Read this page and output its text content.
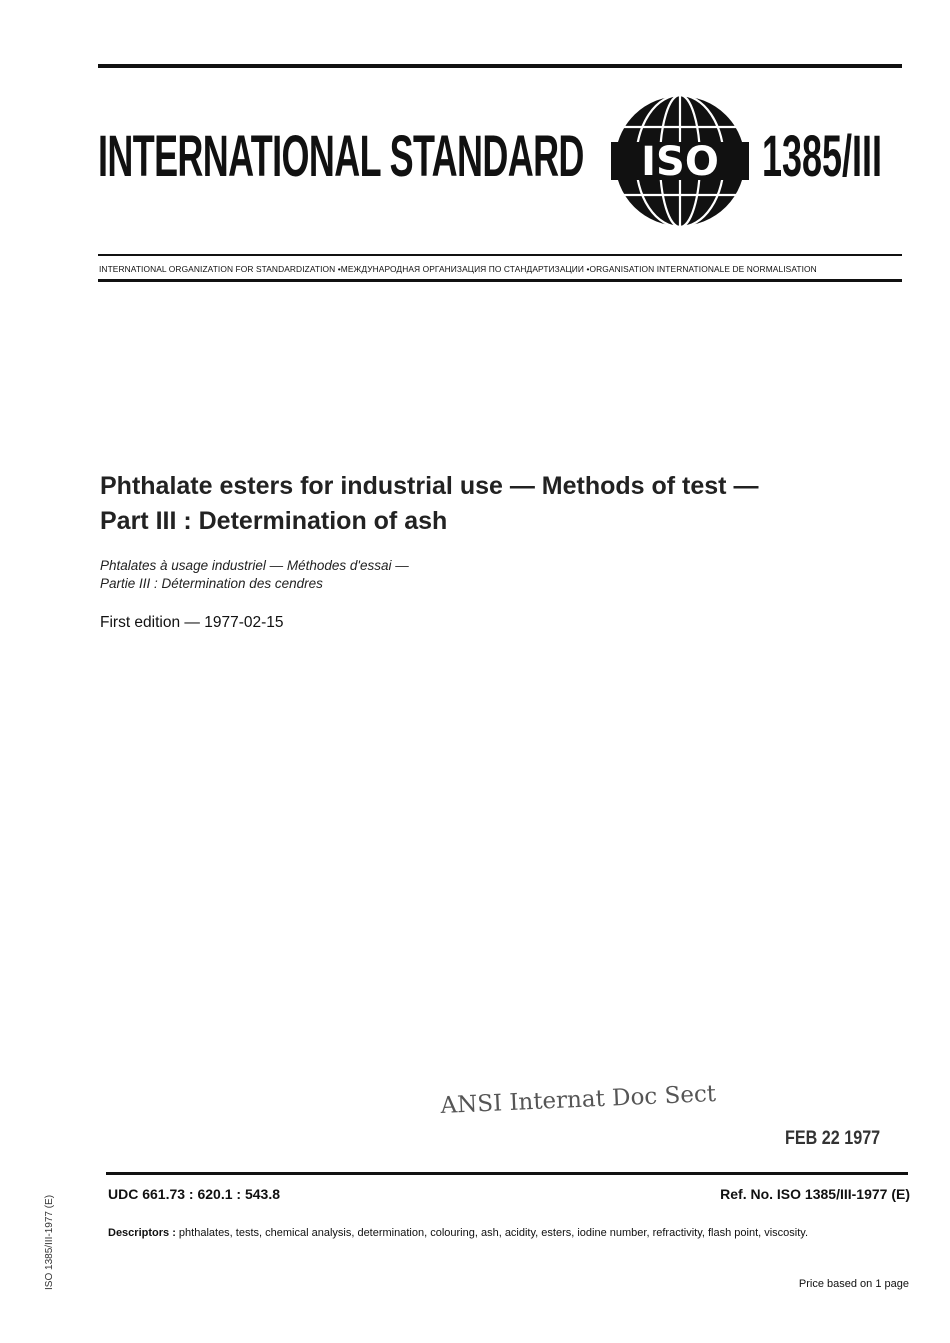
INTERNATIONAL STANDARD ISO 1385/III
INTERNATIONAL ORGANIZATION FOR STANDARDIZATION •МЕЖДУНАРОДНАЯ ОРГАНИЗАЦИЯ ПО СТАНДАРТИЗАЦИИ •ORGANISATION INTERNATIONALE DE NORMALISATION
Phthalate esters for industrial use — Methods of test —
Part III : Determination of ash
Phtalates à usage industriel — Méthodes d'essai —
Partie III : Détermination des cendres
First edition — 1977-02-15
ANSI Internat Doc Sect
FEB 22 1977
UDC 661.73 : 620.1 : 543.8	Ref. No. ISO 1385/III-1977 (E)
Descriptors : phthalates, tests, chemical analysis, determination, colouring, ash, acidity, esters, iodine number, refractivity, flash point, viscosity.
Price based on 1 page
ISO 1385/III-1977 (E)
